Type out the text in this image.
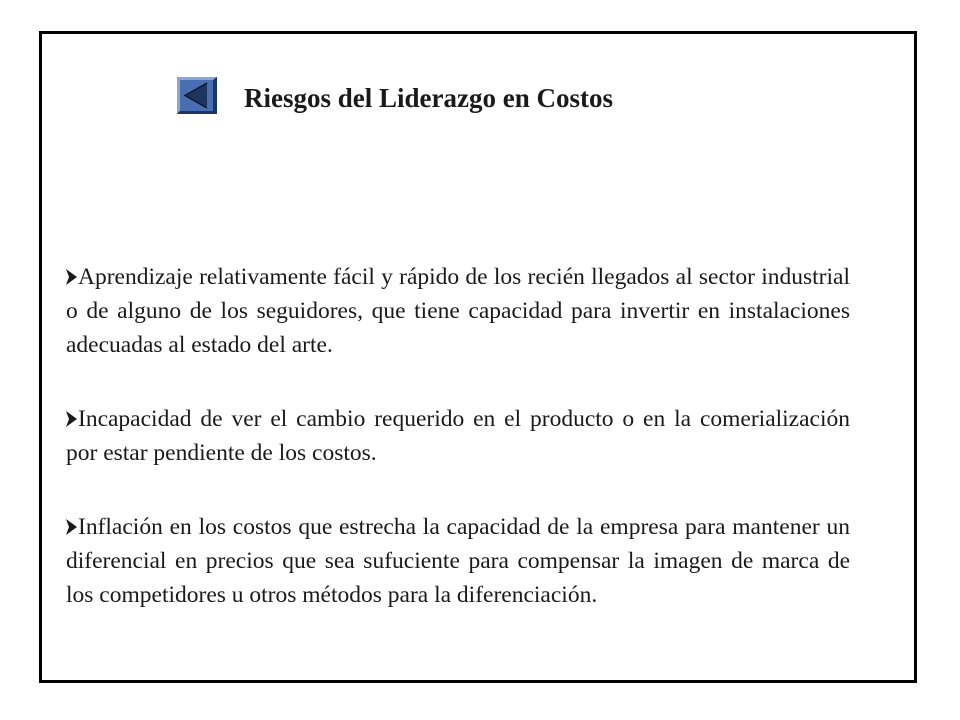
Riesgos del Liderazgo en Costos
Aprendizaje relativamente fácil y rápido de los recién llegados al sector industrial o de alguno de los seguidores, que tiene capacidad para invertir en instalaciones adecuadas al estado del arte.
Incapacidad de ver el cambio requerido en el producto o en la comerialización por estar pendiente de los costos.
Inflación en los costos que estrecha la capacidad de la empresa para mantener un diferencial en precios que sea sufuciente para compensar la imagen de marca de los competidores u otros métodos para la diferenciación.
